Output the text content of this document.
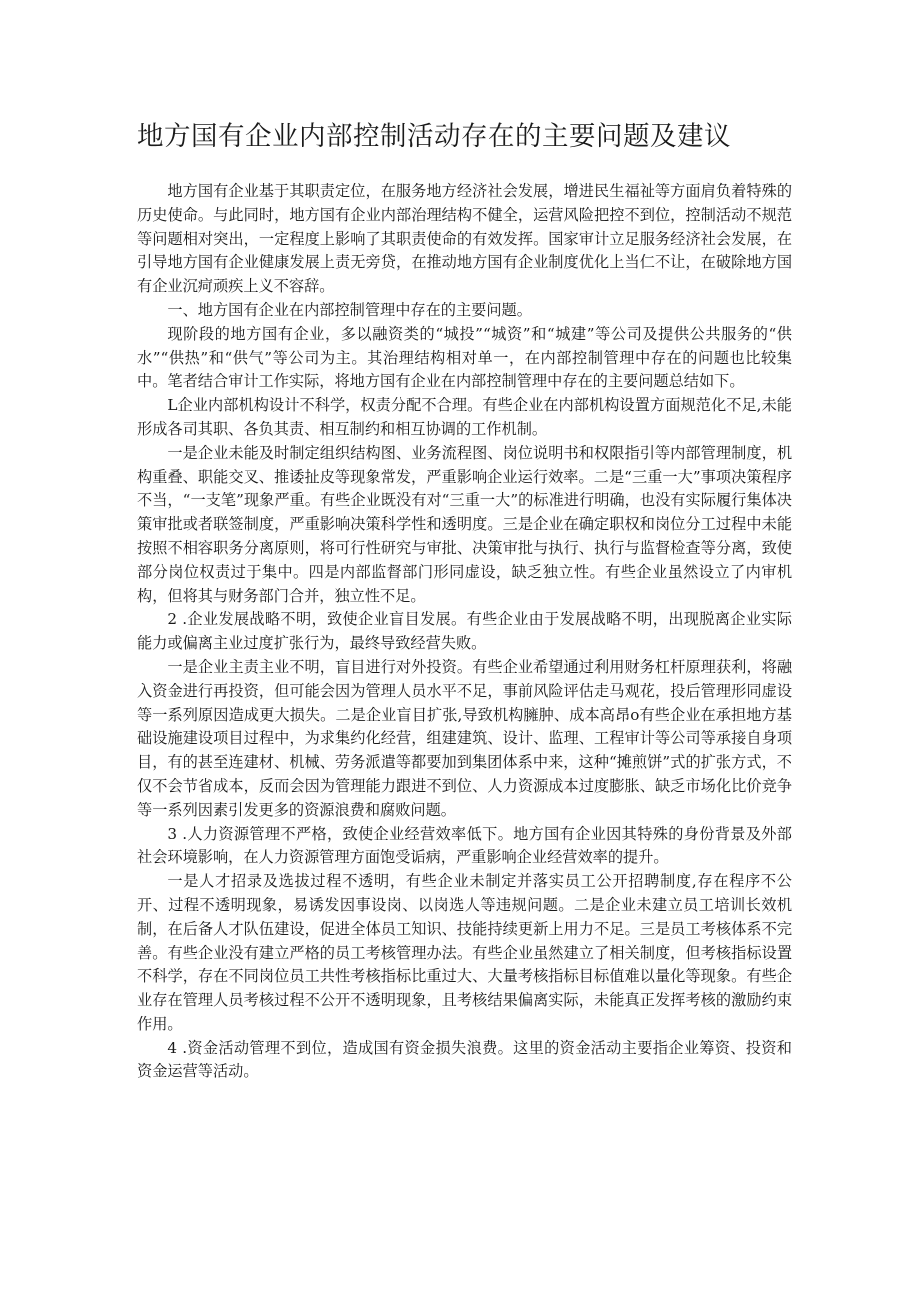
地方国有企业内部控制活动存在的主要问题及建议

地方国有企业基于其职责定位，在服务地方经济社会发展，增进民生福祉等方面肩负着特殊的历史使命。与此同时，地方国有企业内部治理结构不健全，运营风险把控不到位，控制活动不规范等问题相对突出，一定程度上影响了其职责使命的有效发挥。国家审计立足服务经济社会发展，在引导地方国有企业健康发展上责无旁贷，在推动地方国有企业制度优化上当仁不让，在破除地方国有企业沉疴顽疾上义不容辞。

一、地方国有企业在内部控制管理中存在的主要问题。

现阶段的地方国有企业，多以融资类的“城投”“城资”和“城建”等公司及提供公共服务的“供水”“供热”和“供气”等公司为主。其治理结构相对单一，在内部控制管理中存在的问题也比较集中。笔者结合审计工作实际，将地方国有企业在内部控制管理中存在的主要问题总结如下。

L企业内部机构设计不科学，权责分配不合理。有些企业在内部机构设置方面规范化不足,未能形成各司其职、各负其责、相互制约和相互协调的工作机制。

一是企业未能及时制定组织结构图、业务流程图、岗位说明书和权限指引等内部管理制度，机构重叠、职能交叉、推诿扯皮等现象常发，严重影响企业运行效率。二是“三重一大”事项决策程序不当，“一支笔”现象严重。有些企业既没有对“三重一大”的标准进行明确，也没有实际履行集体决策审批或者联签制度，严重影响决策科学性和透明度。三是企业在确定职权和岗位分工过程中未能按照不相容职务分离原则，将可行性研究与审批、决策审批与执行、执行与监督检查等分离，致使部分岗位权责过于集中。四是内部监督部门形同虚设，缺乏独立性。有些企业虽然设立了内审机构，但将其与财务部门合并，独立性不足。

2 .企业发展战略不明，致使企业盲目发展。有些企业由于发展战略不明，出现脱离企业实际能力或偏离主业过度扩张行为，最终导致经营失败。

一是企业主责主业不明，盲目进行对外投资。有些企业希望通过利用财务杠杆原理获利，将融入资金进行再投资，但可能会因为管理人员水平不足，事前风险评估走马观花，投后管理形同虚设等一系列原因造成更大损失。二是企业盲目扩张,导致机构臃肿、成本高昂o有些企业在承担地方基础设施建设项目过程中，为求集约化经营，组建建筑、设计、监理、工程审计等公司等承接自身项目，有的甚至连建材、机械、劳务派遣等都要加到集团体系中来，这种“摊煎饼”式的扩张方式，不仅不会节省成本，反而会因为管理能力跟进不到位、人力资源成本过度膨胀、缺乏市场化比价竞争等一系列因素引发更多的资源浪费和腐败问题。

3 .人力资源管理不严格，致使企业经营效率低下。地方国有企业因其特殊的身份背景及外部社会环境影响，在人力资源管理方面饱受诟病，严重影响企业经营效率的提升。

一是人才招录及选拔过程不透明，有些企业未制定并落实员工公开招聘制度,存在程序不公开、过程不透明现象，易诱发因事设岗、以岗选人等违规问题。二是企业未建立员工培训长效机制，在后备人才队伍建设，促进全体员工知识、技能持续更新上用力不足。三是员工考核体系不完善。有些企业没有建立严格的员工考核管理办法。有些企业虽然建立了相关制度，但考核指标设置不科学，存在不同岗位员工共性考核指标比重过大、大量考核指标目标值难以量化等现象。有些企业存在管理人员考核过程不公开不透明现象，且考核结果偏离实际，未能真正发挥考核的激励约束作用。

4 .资金活动管理不到位，造成国有资金损失浪费。这里的资金活动主要指企业筹资、投资和资金运营等活动。
